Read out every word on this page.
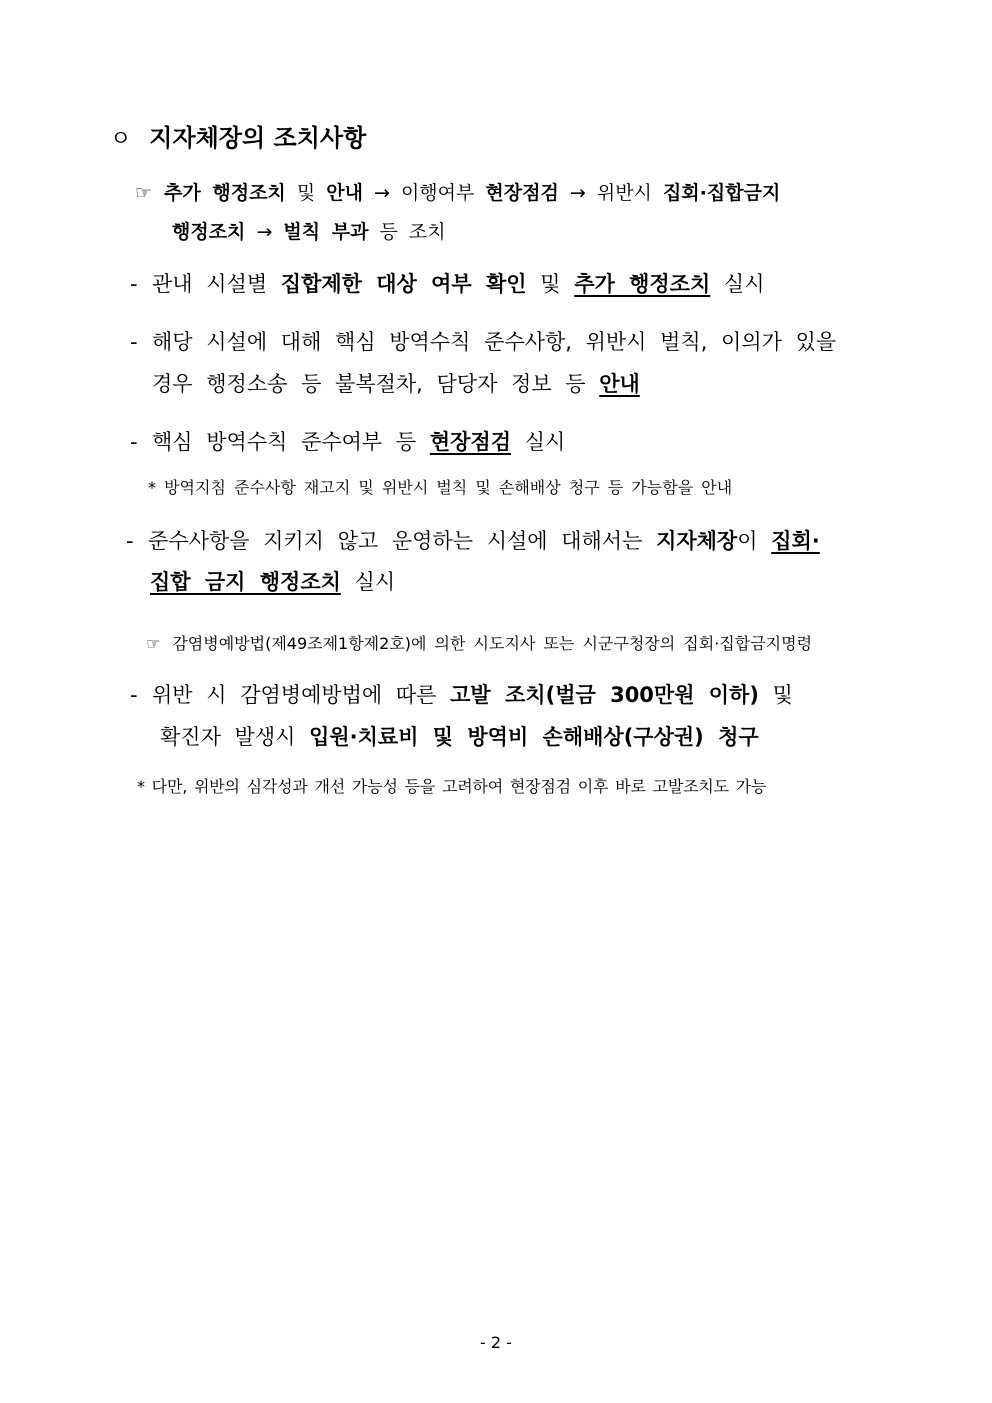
ㅇ 지자체장의 조치사항
☞ 추가 행정조치 및 안내 → 이행여부 현장점검 → 위반시 집회·집합금지
행정조치 → 벌칙 부과 등 조치
- 관내 시설별 집합제한 대상 여부 확인 및 추가 행정조치 실시
- 해당 시설에 대해 핵심 방역수칙 준수사항, 위반시 벌칙, 이의가 있을
경우 행정소송 등 불복절차, 담당자 정보 등 안내
- 핵심 방역수칙 준수여부 등 현장점검 실시
* 방역지침 준수사항 재고지 및 위반시 벌칙 및 손해배상 청구 등 가능함을 안내
- 준수사항을 지키지 않고 운영하는 시설에 대해서는 지자체장이 집회·
집합 금지 행정조치 실시
☞ 감염병예방법(제49조제1항제2호)에 의한 시도지사 또는 시군구청장의 집회·집합금지명령
- 위반 시 감염병예방법에 따른 고발 조치(벌금 300만원 이하) 및
확진자 발생시 입원·치료비 및 방역비 손해배상(구상권) 청구
* 다만, 위반의 심각성과 개선 가능성 등을 고려하여 현장점검 이후 바로 고발조치도 가능
- 2 -
